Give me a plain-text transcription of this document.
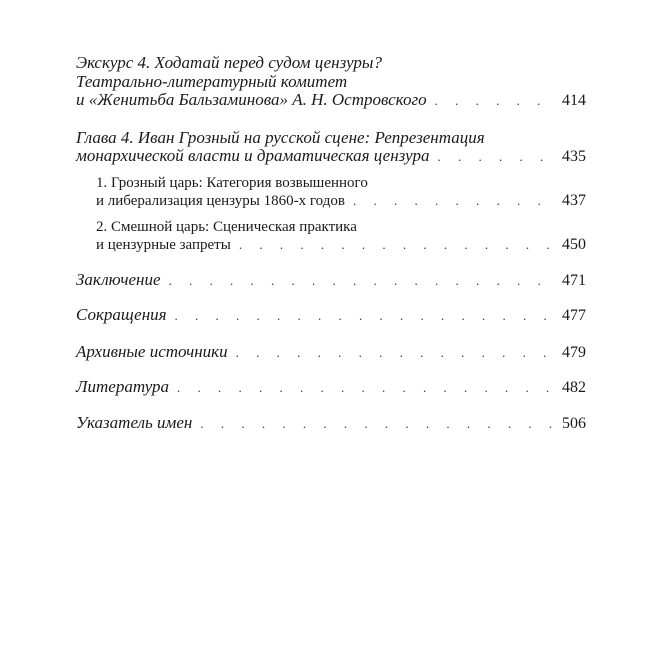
Экскурс 4. Ходатай перед судом цензуры?
Театрально-литературный комитет
и «Женитьба Бальзаминова» А. Н. Островского . . .	414
Глава 4. Иван Грозный на русской сцене: Репрезентация
монархической власти и драматическая цензура . . .	435
1. Грозный царь: Категория возвышенного
и либерализация цензуры 1860-х годов . . .	437
2. Смешной царь: Сценическая практика
и цензурные запреты . . .	450
Заключение . . .	471
Сокращения . . .	477
Архивные источники . . .	479
Литература . . .	482
Указатель имен . . .	506
